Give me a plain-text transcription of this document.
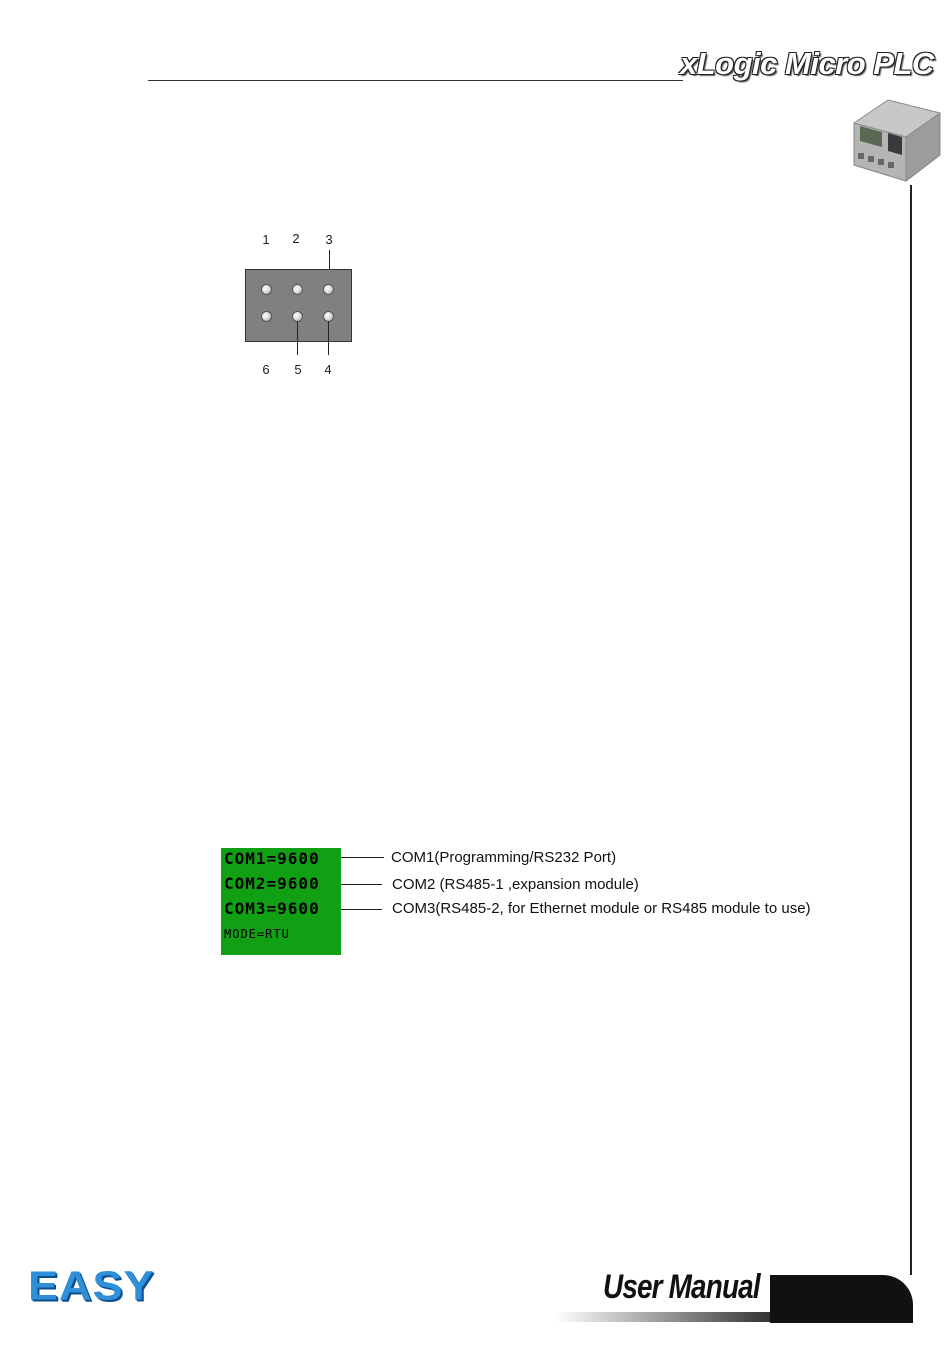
xLogic Micro PLC
1	2	3
6	5	4
COM1=9600
COM2=9600
COM3=9600
MODE=RTU
COM1(Programming/RS232 Port)
COM2 (RS485-1 ,expansion module)
COM3(RS485-2, for Ethernet module or RS485 module to use)
EASY	User Manual
